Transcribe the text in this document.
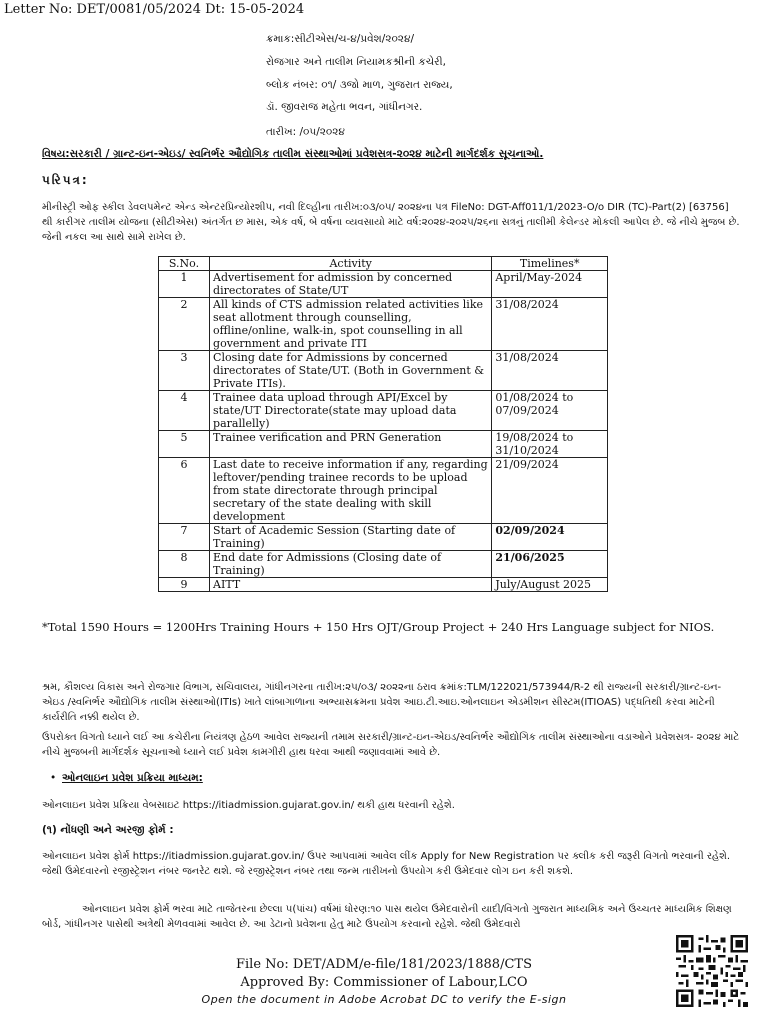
Letter No: DET/0081/05/2024 Dt: 15-05-2024
ક્રમાક:સીટીએસ/ચ-૪/પ્રવેશ/૨૦૨૪/
રોજગાર અને તાલીમ નિયામકશ્રીની કચેરી,
બ્લોક નંબર: ૦૧/ ૩જો માળ, ગુજરાત રાજ્ય,
ડૉ. જીવરાજ મહેતા ભવન, ગાંધીનગર.
તારીખ: /૦૫/૨૦૨૪
વિષય:સરકારી / ગ્રાન્ટ-ઇન-એઇડ/ સ્વનિર્ભર ઔદ્યોગિક તાલીમ સંસ્થાઓમાં પ્રવેશસત્ર-૨૦૨૪ માટેની માર્ગદર્શક સૂચનાઓ.
પરિપત્ર:
મીનીસ્ટ્રી ઓફ સ્કીલ ડેવલપમેન્ટ એન્ડ એન્ટરપ્રિન્યોરશીપ, નવી દિલ્હીના તારીખ:૦૩/૦૫/ ૨૦૨૪ના પત્ર FileNo: DGT-Aff011/1/2023-O/o DIR (TC)-Part(2) [63756] થી કારીગર તાલીમ યોજના (સીટીએસ) અંતર્ગત છ માસ, એક વર્ષ, બે વર્ષના વ્યવસાયો માટે વર્ષ:૨૦૨૪-૨૦૨૫/૨૬ના સત્રનું તાલીમી કેલેન્ડર મોકલી આપેલ છે. જે નીચે મુજબ છે. જેની નકલ આ સાથે સામે રાખેલ છે.
S.No.	Activity	Timelines*
1	Advertisement for admission by concerned directorates of State/UT	April/May-2024
2	All kinds of CTS admission related activities like seat allotment through counselling, offline/online, walk-in, spot counselling in all government and private ITI	31/08/2024
3	Closing date for Admissions by concerned directorates of State/UT. (Both in Government & Private ITIs).	31/08/2024
4	Trainee data upload through API/Excel by state/UT Directorate(state may upload data parallelly)	01/08/2024 to 07/09/2024
5	Trainee verification and PRN Generation	19/08/2024 to 31/10/2024
6	Last date to receive information if any, regarding leftover/pending trainee records to be upload from state directorate through principal secretary of the state dealing with skill development	21/09/2024
7	Start of Academic Session (Starting date of Training)	02/09/2024
8	End date for Admissions (Closing date of Training)	21/06/2025
9	AITT	July/August 2025
*Total 1590 Hours = 1200Hrs Training Hours + 150 Hrs OJT/Group Project + 240 Hrs Language subject for NIOS.
શ્રમ, કૌશલ્ય વિકાસ અને રોજગાર વિભાગ, સચિવાલય, ગાંધીનગરના તારીખ:૨૫/૦૩/ ૨૦૨૨ના ઠરાવ ક્રમાંક:TLM/122021/573944/R-2 થી રાજ્યની સરકારી/ગ્રાન્ટ-ઇન-એઇડ /સ્વનિર્ભર ઔદ્યોગિક તાલીમ સંસ્થાઓ(ITIs) ખાતે લાંબાગાળાના અભ્યાસક્રમના પ્રવેશ આઇ.ટી.આઇ.ઓનલાઇન એડમીશન સીસ્ટમ(ITIOAS) પદ્ધતિથી કરવા માટેની કાર્યરીતિ નક્કી થયેલ છે.
ઉપરોક્ત વિગતો ધ્યાને લઈ આ કચેરીના નિયંત્રણ હેઠળ આવેલ રાજ્યની તમામ સરકારી/ગ્રાન્ટ-ઇન-એઇડ/સ્વનિર્ભર ઔદ્યોગિક તાલીમ સંસ્થાઓના વડાઓને પ્રવેશસત્ર- ૨૦૨૪ માટે નીચે મુજબની માર્ગદર્શક સૂચનાઓ ધ્યાને લઈ પ્રવેશ કામગીરી હાથ ધરવા આથી જણાવવામાં આવે છે.
• ઓનલાઇન પ્રવેશ પ્રક્રિયા માધ્યમ:
ઓનલાઇન પ્રવેશ પ્રક્રિયા વેબસાઇટ https://itiadmission.gujarat.gov.in/ થકી હાથ ધરવાની રહેશે.
(૧) નોંધણી અને અરજી ફોર્મ :
ઓનલાઇન પ્રવેશ ફોર્મ https://itiadmission.gujarat.gov.in/ ઉપર આપવામાં આવેલ લીંક Apply for New Registration પર ક્લીક કરી જરૂરી વિગતો ભરવાની રહેશે. જેથી ઉમેદવારનો રજીસ્ટ્રેશન નંબર જનરેટ થશે. જે રજીસ્ટ્રેશન નંબર તથા જન્મ તારીખનો ઉપયોગ કરી ઉમેદવાર લોગ ઇન કરી શકશે.
ઓનલાઇન પ્રવેશ ફોર્મ ભરવા માટે તાજેતરના છેલ્લા ૫(પાંચ) વર્ષમાં ધોરણ:૧૦ પાસ થયેલ ઉમેદવારોની યાદી/વિગતો ગુજરાત માધ્યમિક અને ઉચ્ચતર માધ્યમિક શિક્ષણ બોર્ડ, ગાંધીનગર પાસેથી અત્રેથી મેળવવામાં આવેલ છે. આ ડેટાનો પ્રવેશના હેતુ માટે ઉપયોગ કરવાનો રહેશે. જેથી ઉમેદવારો
File No: DET/ADM/e-file/181/2023/1888/CTS
Approved By: Commissioner of Labour,LCO
Open the document in Adobe Acrobat DC to verify the E-sign
